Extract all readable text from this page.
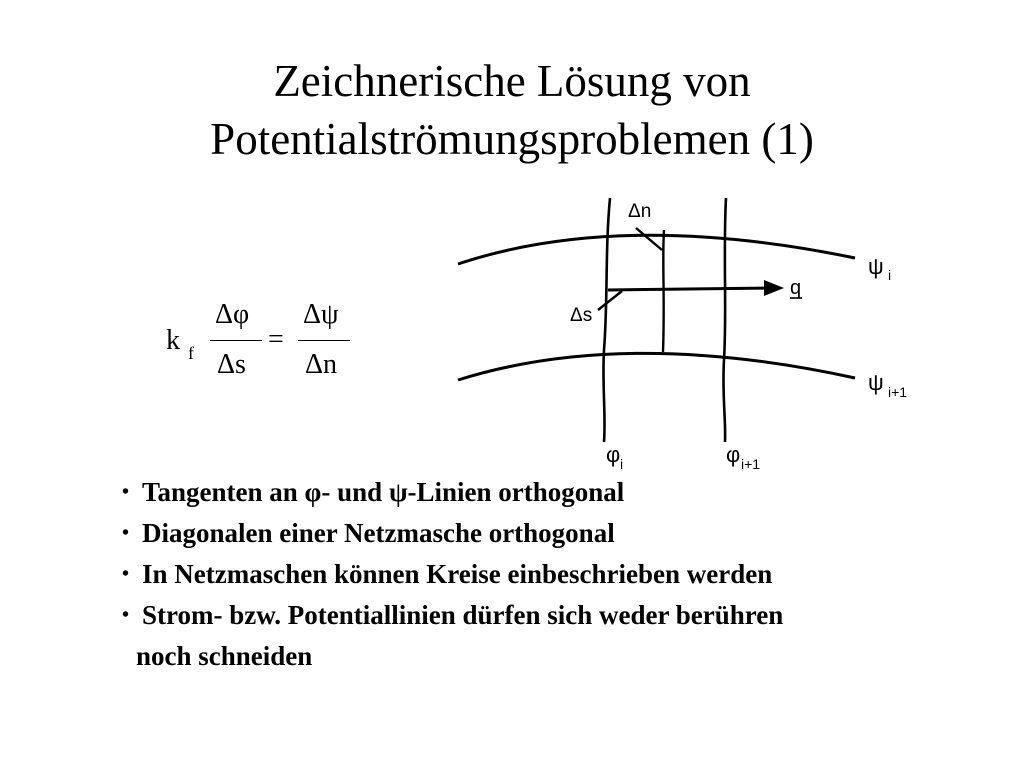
Zeichnerische Lösung von
Potentialströmungsproblemen (1)
k f
Δφ
Δs
=
Δψ
Δn
Δn
Δs
q
ψ i
ψ i+1
φ i	φ i+1
• Tangenten an φ- und ψ-Linien orthogonal
• Diagonalen einer Netzmasche orthogonal
• In Netzmaschen können Kreise einbeschrieben werden
• Strom- bzw. Potentiallinien dürfen sich weder berühren
noch schneiden
